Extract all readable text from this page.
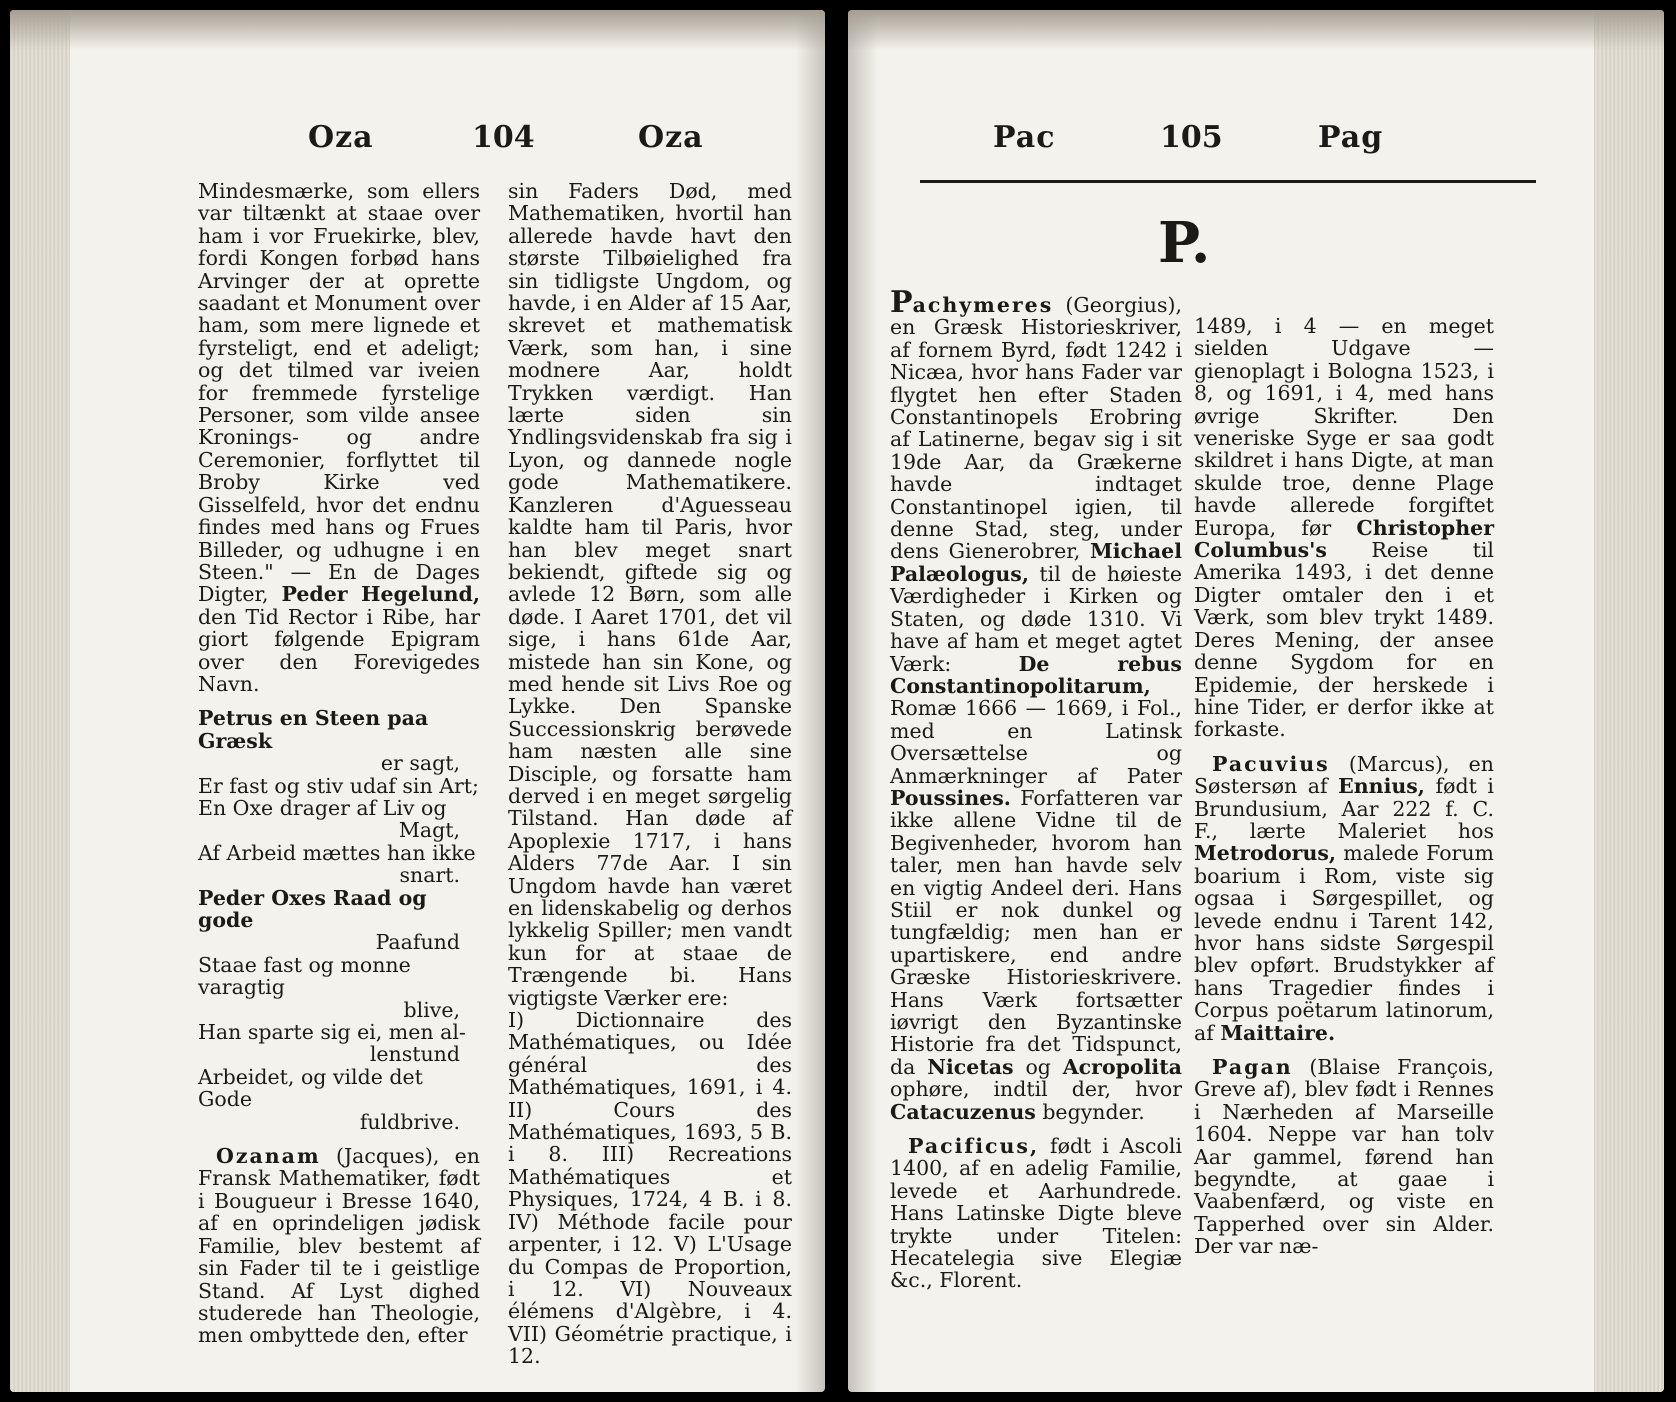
Oza	104	Oza

Mindesmærke, som ellers var tiltænkt at staae over ham i vor Fruekirke, blev, fordi Kongen forbød hans Arvinger der at oprette saadant et Monument over ham, som mere lignede et fyrsteligt, end et adeligt; og det tilmed var iveien for fremmede fyrstelige Personer, som vilde ansee Kronings- og andre Ceremonier, forflyttet til Broby Kirke ved Gisselfeld, hvor det endnu findes med hans og Frues Billeder, og udhugne i en Steen." — En de Dages Digter, Peder Hegelund, den Tid Rector i Ribe, har giort følgende Epigram over den Forevigedes Navn.

Petrus en Steen paa Græsk

er sagt,

Er fast og stiv udaf sin Art;

En Oxe drager af Liv og

Magt,

Af Arbeid mættes han ikke

snart.

Peder Oxes Raad og gode

Paafund

Staae fast og monne varagtig

blive,

Han sparte sig ei, men al-

lenstund

Arbeidet, og vilde det Gode

fuldbrive.

Ozanam (Jacques), en Fransk Mathematiker, født i Bougueur i Bresse 1640, af en oprindeligen jødisk Familie, blev bestemt af sin Fader til te i geistlige Stand. Af Lyst dighed studerede han Theologie, men ombyttede den, efter

sin Faders Død, med Mathematiken, hvortil han allerede havde havt den største Tilbøielighed fra sin tidligste Ungdom, og havde, i en Alder af 15 Aar, skrevet et mathematisk Værk, som han, i sine modnere Aar, holdt Trykken værdigt. Han lærte siden sin Yndlingsvidenskab fra sig i Lyon, og dannede nogle gode Mathematikere. Kanzleren d'Aguesseau kaldte ham til Paris, hvor han blev meget snart bekiendt, giftede sig og avlede 12 Børn, som alle døde. I Aaret 1701, det vil sige, i hans 61de Aar, mistede han sin Kone, og med hende sit Livs Roe og Lykke. Den Spanske Successionskrig berøvede ham næsten alle sine Disciple, og forsatte ham derved i en meget sørgelig Tilstand. Han døde af Apoplexie 1717, i hans Alders 77de Aar. I sin Ungdom havde han været en lidenskabelig og derhos lykkelig Spiller; men vandt kun for at staae de Trængende bi. Hans vigtigste Værker ere:

I) Dictionnaire des Mathématiques, ou Idée général des Mathématiques, 1691, i 4. II) Cours des Mathématiques, 1693, 5 B. i 8. III) Recreations Mathématiques et Physiques, 1724, 4 B. i 8. IV) Méthode facile pour arpenter, i 12. V) L'Usage du Compas de Proportion, i 12. VI) Nouveaux élémens d'Algèbre, i 4. VII) Géométrie practique, i 12.

Pac	105	Pag
P.

Pachymeres (Georgius), en Græsk Historieskriver, af fornem Byrd, født 1242 i Nicæa, hvor hans Fader var flygtet hen efter Staden Constantinopels Erobring af Latinerne, begav sig i sit 19de Aar, da Grækerne havde indtaget Constantinopel igien, til denne Stad, steg, under dens Gienerobrer, Michael Palæologus, til de høieste Værdigheder i Kirken og Staten, og døde 1310. Vi have af ham et meget agtet Værk:	De rebus Constantinopolitarum, Romæ 1666 — 1669, i Fol., med en Latinsk Oversættelse og Anmærkninger af Pater Poussines. Forfatteren var ikke allene Vidne til de Begivenheder, hvorom han taler, men han havde selv en vigtig Andeel deri. Hans Stiil er nok dunkel og tungfældig; men han er upartiskere, end andre Græske Historieskrivere. Hans Værk fortsætter iøvrigt den Byzantinske Historie fra det Tidspunct, da Nicetas og Acropolita ophøre, indtil der, hvor Catacuzenus begynder.

Pacificus, født i Ascoli 1400, af en adelig Familie, levede et Aarhundrede. Hans Latinske Digte bleve trykte under Titelen: Hecatelegia sive Elegiæ &c., Florent.

1489, i 4 — en meget sielden Udgave — gienoplagt i Bologna 1523, i 8, og 1691, i 4, med hans øvrige Skrifter. Den veneriske Syge er saa godt skildret i hans Digte, at man skulde troe, denne Plage havde allerede forgiftet Europa, før Christopher Columbus's Reise til Amerika 1493, i det denne Digter omtaler den i et Værk, som blev trykt 1489. Deres Mening, der ansee denne Sygdom for en Epidemie, der herskede i hine Tider, er derfor ikke at forkaste.

Pacuvius (Marcus), en Søstersøn af Ennius, født i Brundusium, Aar 222 f. C. F., lærte Maleriet hos Metrodorus, malede Forum boarium i Rom, viste sig ogsaa i Sørgespillet, og levede endnu i Tarent 142, hvor hans sidste Sørgespil blev opført. Brudstykker af hans Tragedier findes i Corpus poëtarum latinorum, af Maittaire.

Pagan (Blaise François, Greve af), blev født i Rennes i Nærheden af Marseille 1604. Neppe var han tolv Aar gammel, førend han begyndte, at gaae i Vaabenfærd, og viste en Tapperhed over sin Alder. Der var næ-
